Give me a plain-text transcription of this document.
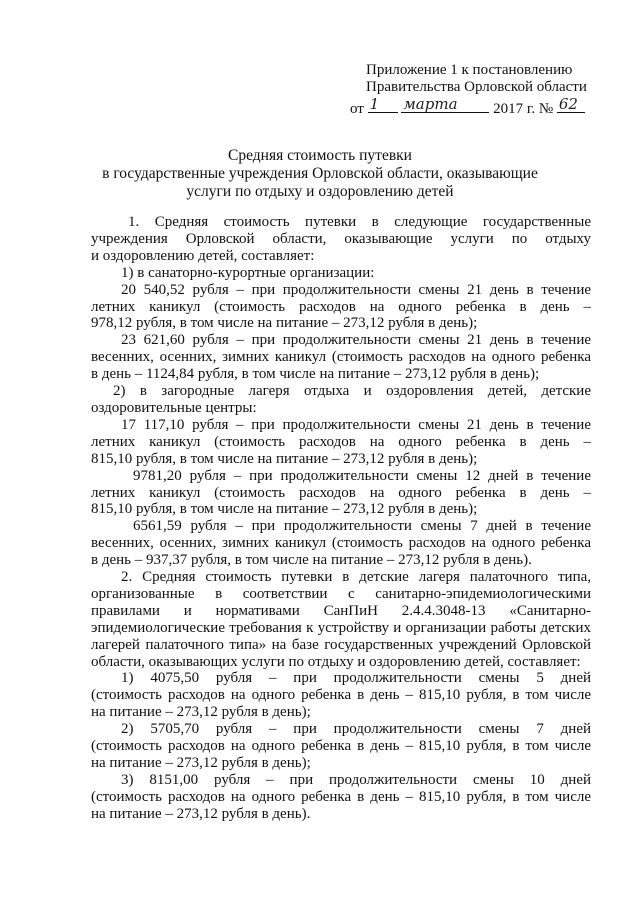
Приложение 1 к постановлению
Правительства Орловской области
от 1
марта 2017 г. № 62
Средняя стоимость путевки
в государственные учреждения Орловской области, оказывающие
услуги по отдыху и оздоровлению детей

1. Средняя стоимость путевки в следующие государственные

учреждения Орловской области, оказывающие услуги по отдыху

и оздоровлению детей, составляет:

1) в санаторно-курортные организации:

20 540,52 рубля – при продолжительности смены 21 день в течение

летних каникул (стоимость расходов на одного ребенка в день –

978,12 рубля, в том числе на питание – 273,12 рубля в день);

23 621,60 рубля – при продолжительности смены 21 день в течение

весенних, осенних, зимних каникул (стоимость расходов на одного ребенка

в день – 1124,84 рубля, в том числе на питание – 273,12 рубля в день);

2) в загородные лагеря отдыха и оздоровления детей, детские

оздоровительные центры:

17 117,10 рубля – при продолжительности смены 21 день в течение

летних каникул (стоимость расходов на одного ребенка в день –

815,10 рубля, в том числе на питание – 273,12 рубля в день);

9781,20 рубля – при продолжительности смены 12 дней в течение

летних каникул (стоимость расходов на одного ребенка в день –

815,10 рубля, в том числе на питание – 273,12 рубля в день);

6561,59 рубля – при продолжительности смены 7 дней в течение

весенних, осенних, зимних каникул (стоимость расходов на одного ребенка

в день – 937,37 рубля, в том числе на питание – 273,12 рубля в день).

2. Средняя стоимость путевки в детские лагеря палаточного типа,

организованные в соответствии с санитарно-эпидемиологическими

правилами и нормативами СанПиН 2.4.4.3048-13 «Санитарно-

эпидемиологические требования к устройству и организации работы детских

лагерей палаточного типа» на базе государственных учреждений Орловской

области, оказывающих услуги по отдыху и оздоровлению детей, составляет:

1) 4075,50 рубля – при продолжительности смены 5 дней

(стоимость расходов на одного ребенка в день – 815,10 рубля, в том числе

на питание – 273,12 рубля в день);

2) 5705,70 рубля – при продолжительности смены 7 дней

(стоимость расходов на одного ребенка в день – 815,10 рубля, в том числе

на питание – 273,12 рубля в день);

3) 8151,00 рубля – при продолжительности смены 10 дней

(стоимость расходов на одного ребенка в день – 815,10 рубля, в том числе

на питание – 273,12 рубля в день).
